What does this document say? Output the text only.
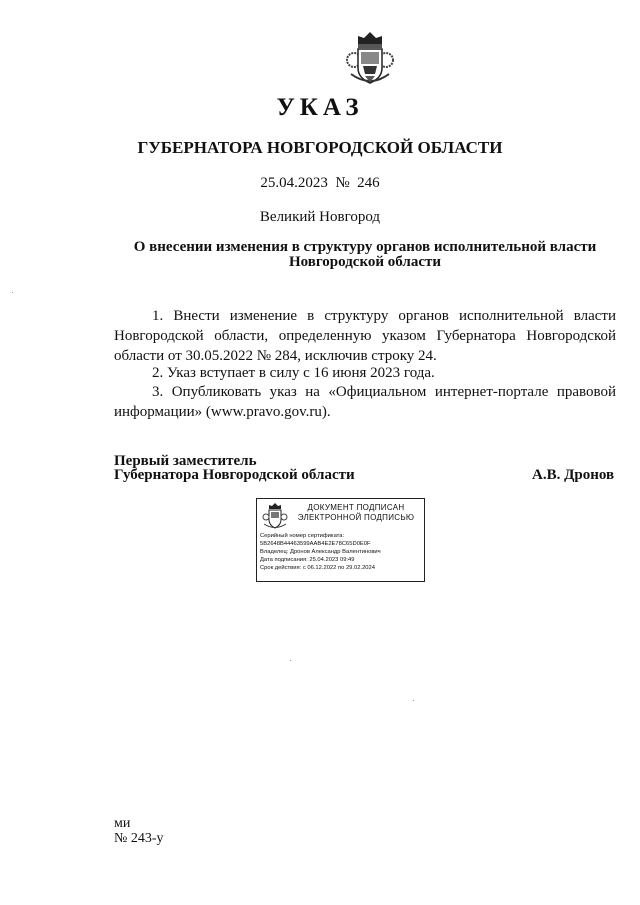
УКАЗ
ГУБЕРНАТОРА НОВГОРОДСКОЙ ОБЛАСТИ
25.04.2023 № 246
Великий Новгород
О внесении изменения в структуру органов исполнительной власти
Новгородской области
1. Внести изменение в структуру органов исполнительной власти Новгородской области, определенную указом Губернатора Новгородской области от 30.05.2022 № 284, исключив строку 24.
2. Указ вступает в силу с 16 июня 2023 года.
3. Опубликовать указ на «Официальном интернет-портале правовой информации» (www.pravo.gov.ru).
Первый заместитель
Губернатора Новгородской области	А.В. Дронов
ДОКУМЕНТ ПОДПИСАН
ЭЛЕКТРОННОЙ ПОДПИСЬЮ
Серийный номер сертификата:
5B2648B44463599AAB4E2E78C65D0E0F
Владелец: Дронов Александр Валентинович
Дата подписания: 25.04.2023 09:49
Срок действия: с 06.12.2022 по 29.02.2024
ми
№ 243-у
